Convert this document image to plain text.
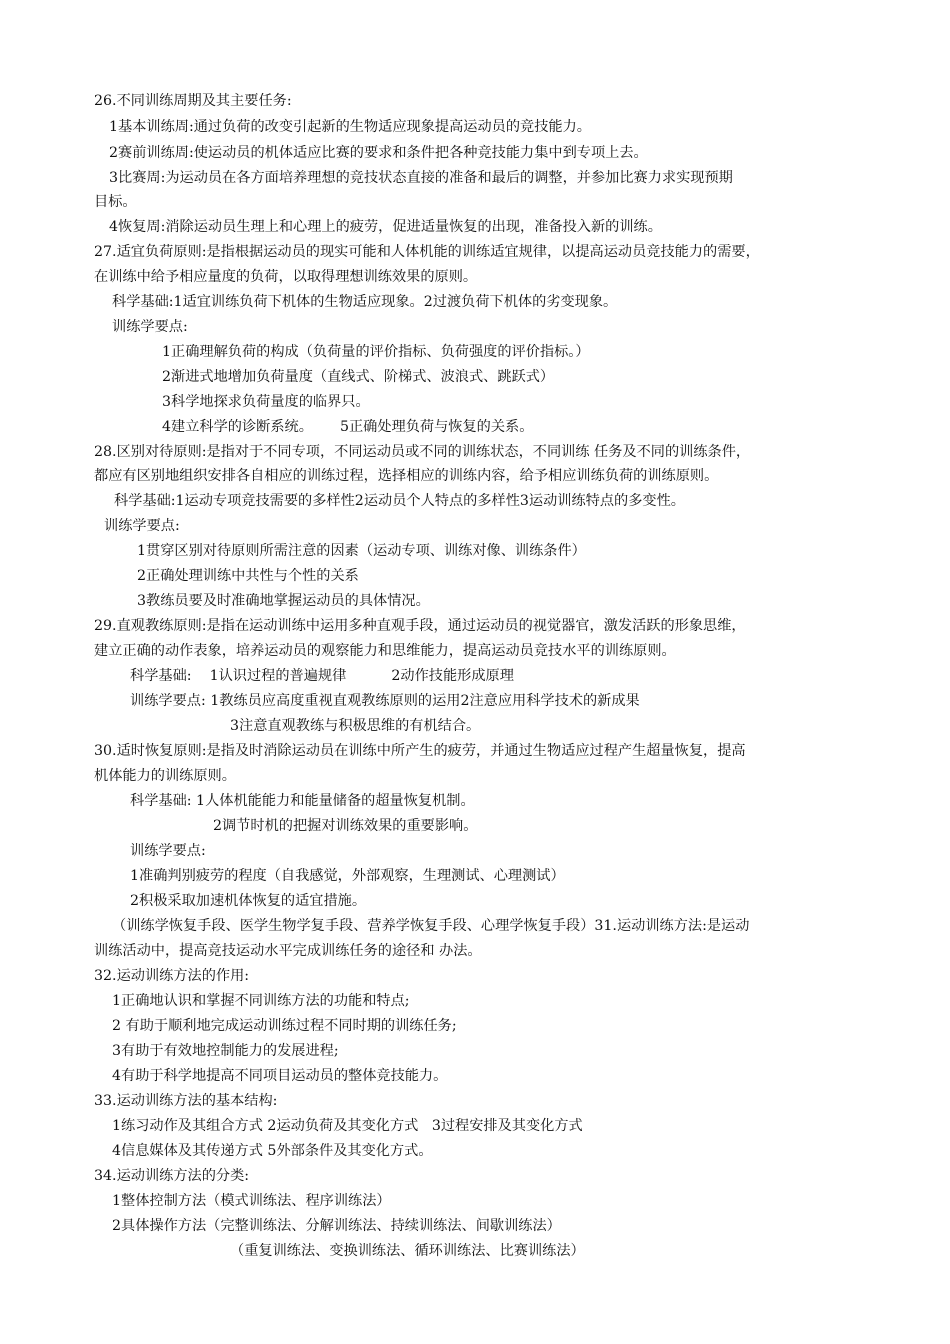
26.不同训练周期及其主要任务:

1基本训练周:通过负荷的改变引起新的生物适应现象提高运动员的竞技能力。

2赛前训练周:使运动员的机体适应比赛的要求和条件把各种竞技能力集中到专项上去。

3比赛周:为运动员在各方面培养理想的竞技状态直接的准备和最后的调整，并参加比赛力求实现预期

目标。

4恢复周:消除运动员生理上和心理上的疲劳，促进适量恢复的出现，准备投入新的训练。

27.适宜负荷原则:是指根据运动员的现实可能和人体机能的训练适宜规律，以提高运动员竞技能力的需要，

在训练中给予相应量度的负荷，以取得理想训练效果的原则。

科学基础:1适宜训练负荷下机体的生物适应现象。2过渡负荷下机体的劣变现象。

训练学要点:

1正确理解负荷的构成（负荷量的评价指标、负荷强度的评价指标。）

2渐进式地增加负荷量度（直线式、阶梯式、波浪式、跳跃式）

3科学地探求负荷量度的临界只。

4建立科学的诊断系统。      5正确处理负荷与恢复的关系。

28.区别对待原则:是指对于不同专项，不同运动员或不同的训练状态，不同训练 任务及不同的训练条件，

都应有区别地组织安排各自相应的训练过程，选择相应的训练内容，给予相应训练负荷的训练原则。

科学基础:1运动专项竞技需要的多样性2运动员个人特点的多样性3运动训练特点的多变性。

训练学要点:

1贯穿区别对待原则所需注意的因素（运动专项、训练对像、训练条件）

2正确处理训练中共性与个性的关系

3教练员要及时准确地掌握运动员的具体情况。

29.直观教练原则:是指在运动训练中运用多种直观手段，通过运动员的视觉器官，激发活跃的形象思维，

建立正确的动作表象，培养运动员的观察能力和思维能力，提高运动员竞技水平的训练原则。

科学基础:    1认识过程的普遍规律          2动作技能形成原理

训练学要点: 1教练员应高度重视直观教练原则的运用2注意应用科学技术的新成果

3注意直观教练与积极思维的有机结合。

30.适时恢复原则:是指及时消除运动员在训练中所产生的疲劳，并通过生物适应过程产生超量恢复，提高

机体能力的训练原则。

科学基础: 1人体机能能力和能量储备的超量恢复机制。

2调节时机的把握对训练效果的重要影响。

训练学要点:

1准确判别疲劳的程度（自我感觉，外部观察，生理测试、心理测试）

2积极采取加速机体恢复的适宜措施。

（训练学恢复手段、医学生物学复手段、营养学恢复手段、心理学恢复手段）31.运动训练方法:是运动

训练活动中，提高竞技运动水平完成训练任务的途径和 办法。

32.运动训练方法的作用:

1正确地认识和掌握不同训练方法的功能和特点;

2 有助于顺利地完成运动训练过程不同时期的训练任务;

3有助于有效地控制能力的发展进程;

4有助于科学地提高不同项目运动员的整体竞技能力。

33.运动训练方法的基本结构:

1练习动作及其组合方式 2运动负荷及其变化方式   3过程安排及其变化方式

4信息媒体及其传递方式 5外部条件及其变化方式。

34.运动训练方法的分类:

1整体控制方法（模式训练法、程序训练法）

2具体操作方法（完整训练法、分解训练法、持续训练法、间歇训练法）

（重复训练法、变换训练法、循环训练法、比赛训练法）
